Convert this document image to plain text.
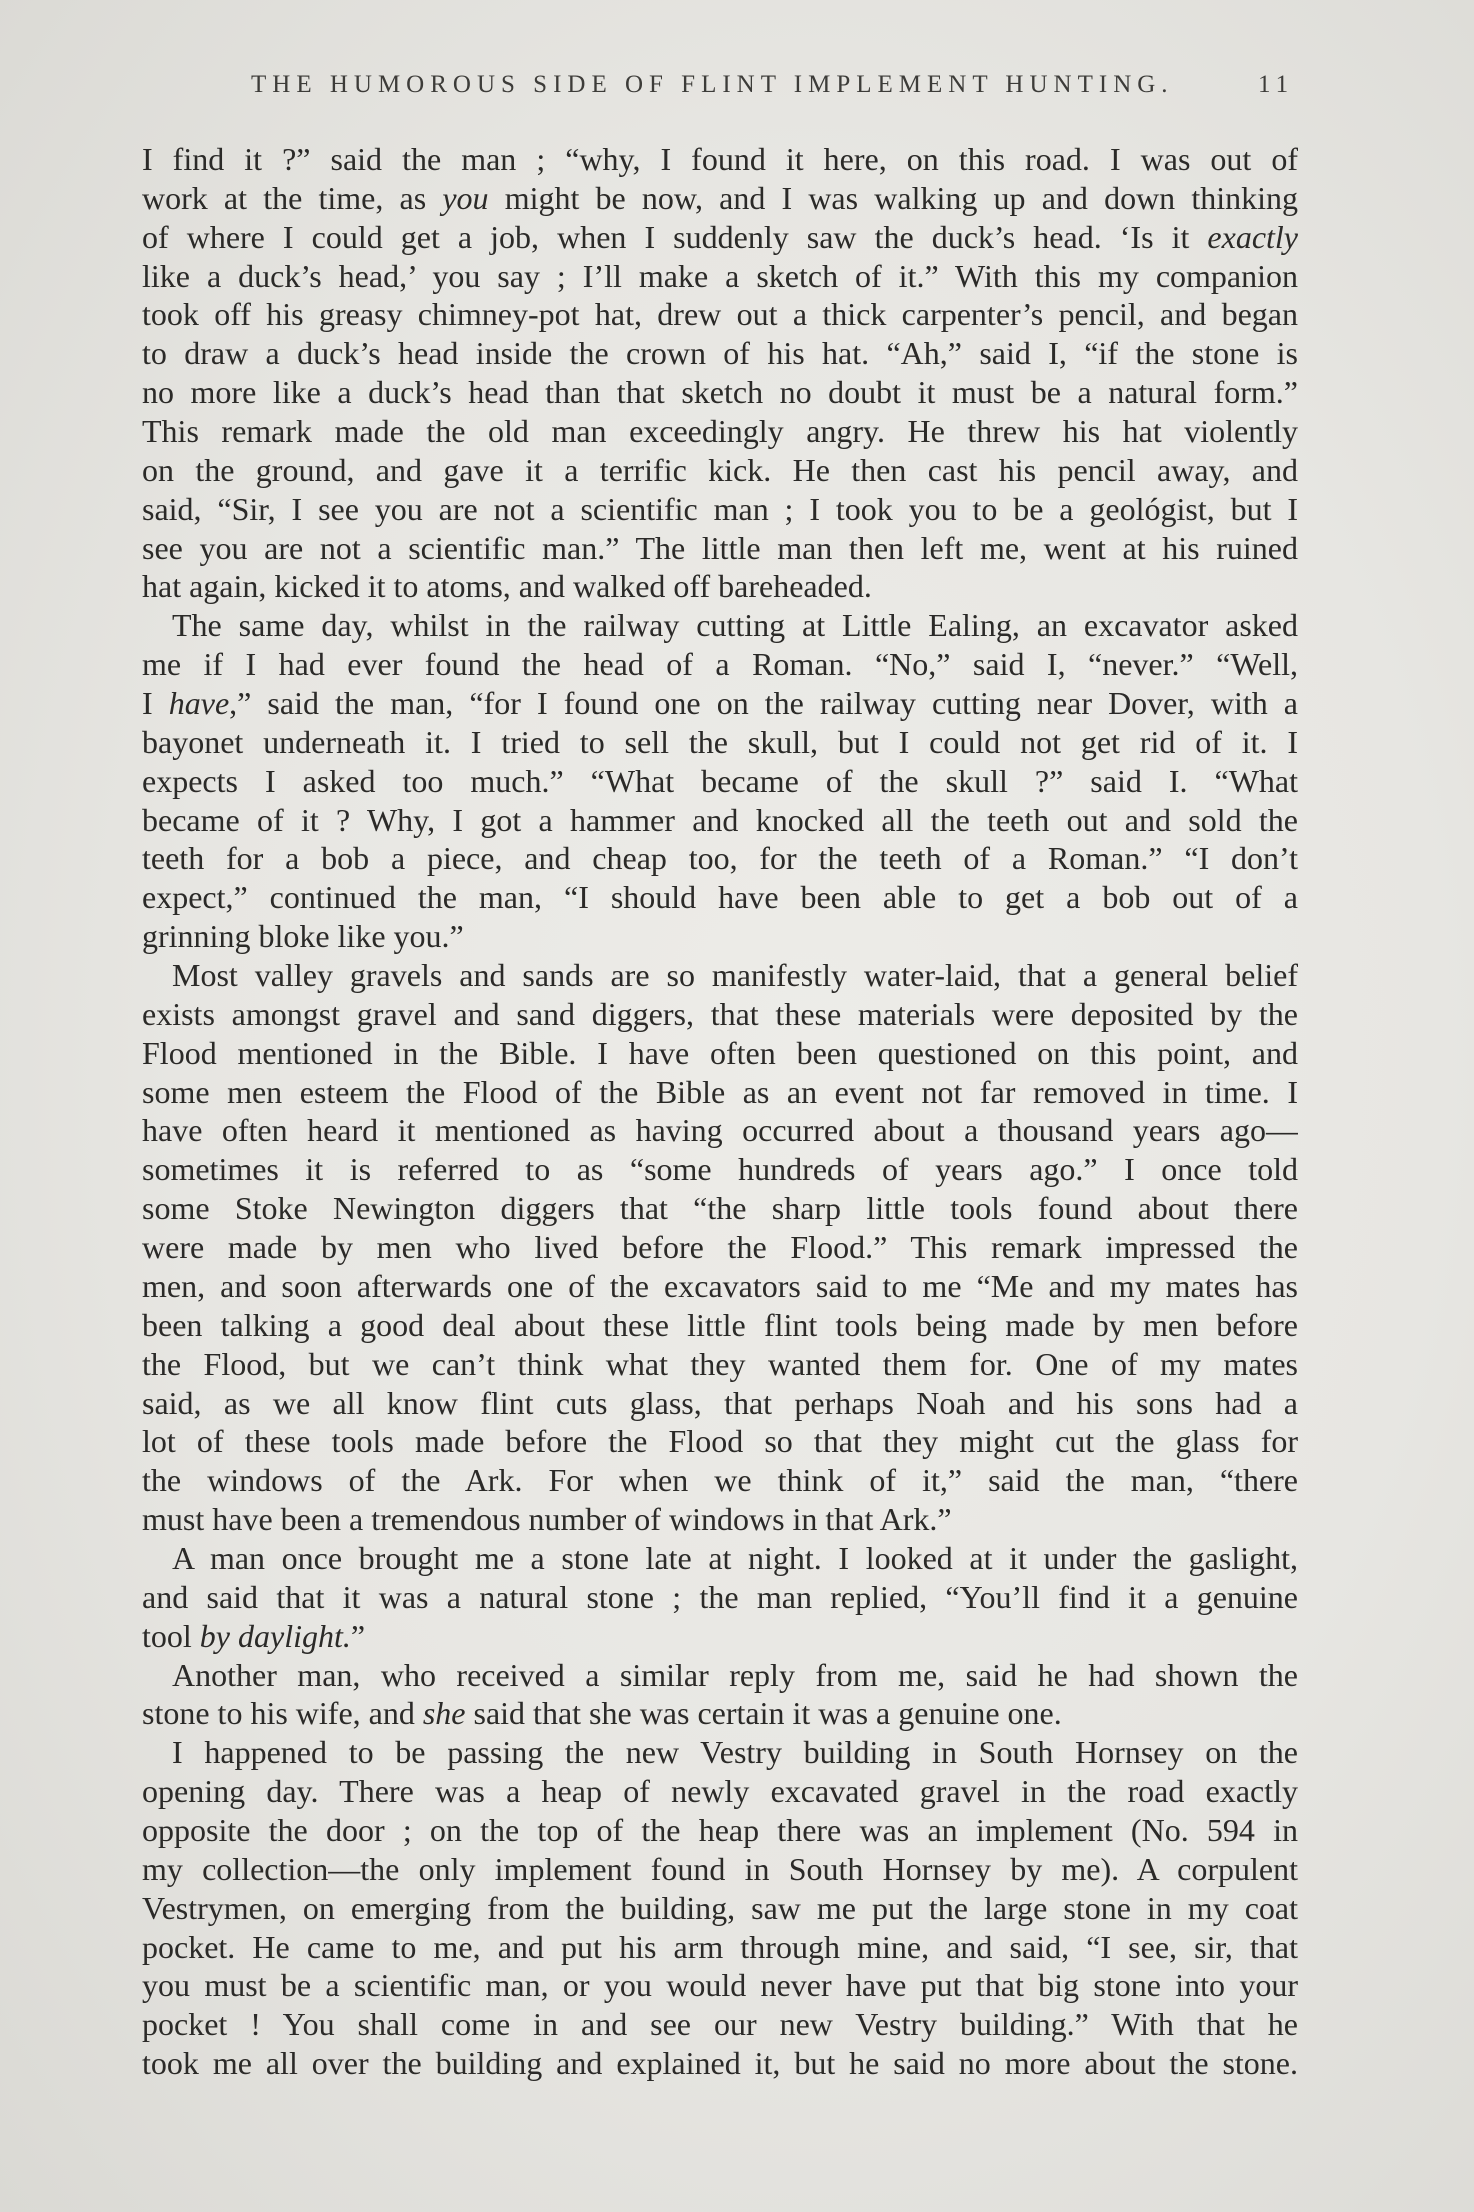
THE HUMOROUS SIDE OF FLINT IMPLEMENT HUNTING.	11
I find it ?” said the man ; “why, I found it here, on this road. I was out of
work at the time, as you might be now, and I was walking up and down thinking
of where I could get a job, when I suddenly saw the duck’s head. ‘Is it exactly
like a duck’s head,’ you say ; I’ll make a sketch of it.” With this my companion
took off his greasy chimney-pot hat, drew out a thick carpenter’s pencil, and began
to draw a duck’s head inside the crown of his hat. “Ah,” said I, “if the stone is
no more like a duck’s head than that sketch no doubt it must be a natural form.”
This remark made the old man exceedingly angry. He threw his hat violently
on the ground, and gave it a terrific kick. He then cast his pencil away, and
said, “Sir, I see you are not a scientific man ; I took you to be a geológist, but I
see you are not a scientific man.” The little man then left me, went at his ruined
hat again, kicked it to atoms, and walked off bareheaded.
The same day, whilst in the railway cutting at Little Ealing, an excavator asked
me if I had ever found the head of a Roman. “No,” said I, “never.” “Well,
I have,” said the man, “for I found one on the railway cutting near Dover, with a
bayonet underneath it. I tried to sell the skull, but I could not get rid of it. I
expects I asked too much.” “What became of the skull ?” said I. “What
became of it ? Why, I got a hammer and knocked all the teeth out and sold the
teeth for a bob a piece, and cheap too, for the teeth of a Roman.” “I don’t
expect,” continued the man, “I should have been able to get a bob out of a
grinning bloke like you.”
Most valley gravels and sands are so manifestly water-laid, that a general belief
exists amongst gravel and sand diggers, that these materials were deposited by the
Flood mentioned in the Bible. I have often been questioned on this point, and
some men esteem the Flood of the Bible as an event not far removed in time. I
have often heard it mentioned as having occurred about a thousand years ago—
sometimes it is referred to as “some hundreds of years ago.” I once told
some Stoke Newington diggers that “the sharp little tools found about there
were made by men who lived before the Flood.” This remark impressed the
men, and soon afterwards one of the excavators said to me “Me and my mates has
been talking a good deal about these little flint tools being made by men before
the Flood, but we can’t think what they wanted them for. One of my mates
said, as we all know flint cuts glass, that perhaps Noah and his sons had a
lot of these tools made before the Flood so that they might cut the glass for
the windows of the Ark. For when we think of it,” said the man, “there
must have been a tremendous number of windows in that Ark.”
A man once brought me a stone late at night. I looked at it under the gaslight,
and said that it was a natural stone ; the man replied, “You’ll find it a genuine
tool by daylight.”
Another man, who received a similar reply from me, said he had shown the
stone to his wife, and she said that she was certain it was a genuine one.
I happened to be passing the new Vestry building in South Hornsey on the
opening day. There was a heap of newly excavated gravel in the road exactly
opposite the door ; on the top of the heap there was an implement (No. 594 in
my collection—the only implement found in South Hornsey by me). A corpulent
Vestrymen, on emerging from the building, saw me put the large stone in my coat
pocket. He came to me, and put his arm through mine, and said, “I see, sir, that
you must be a scientific man, or you would never have put that big stone into your
pocket ! You shall come in and see our new Vestry building.” With that he
took me all over the building and explained it, but he said no more about the stone.
